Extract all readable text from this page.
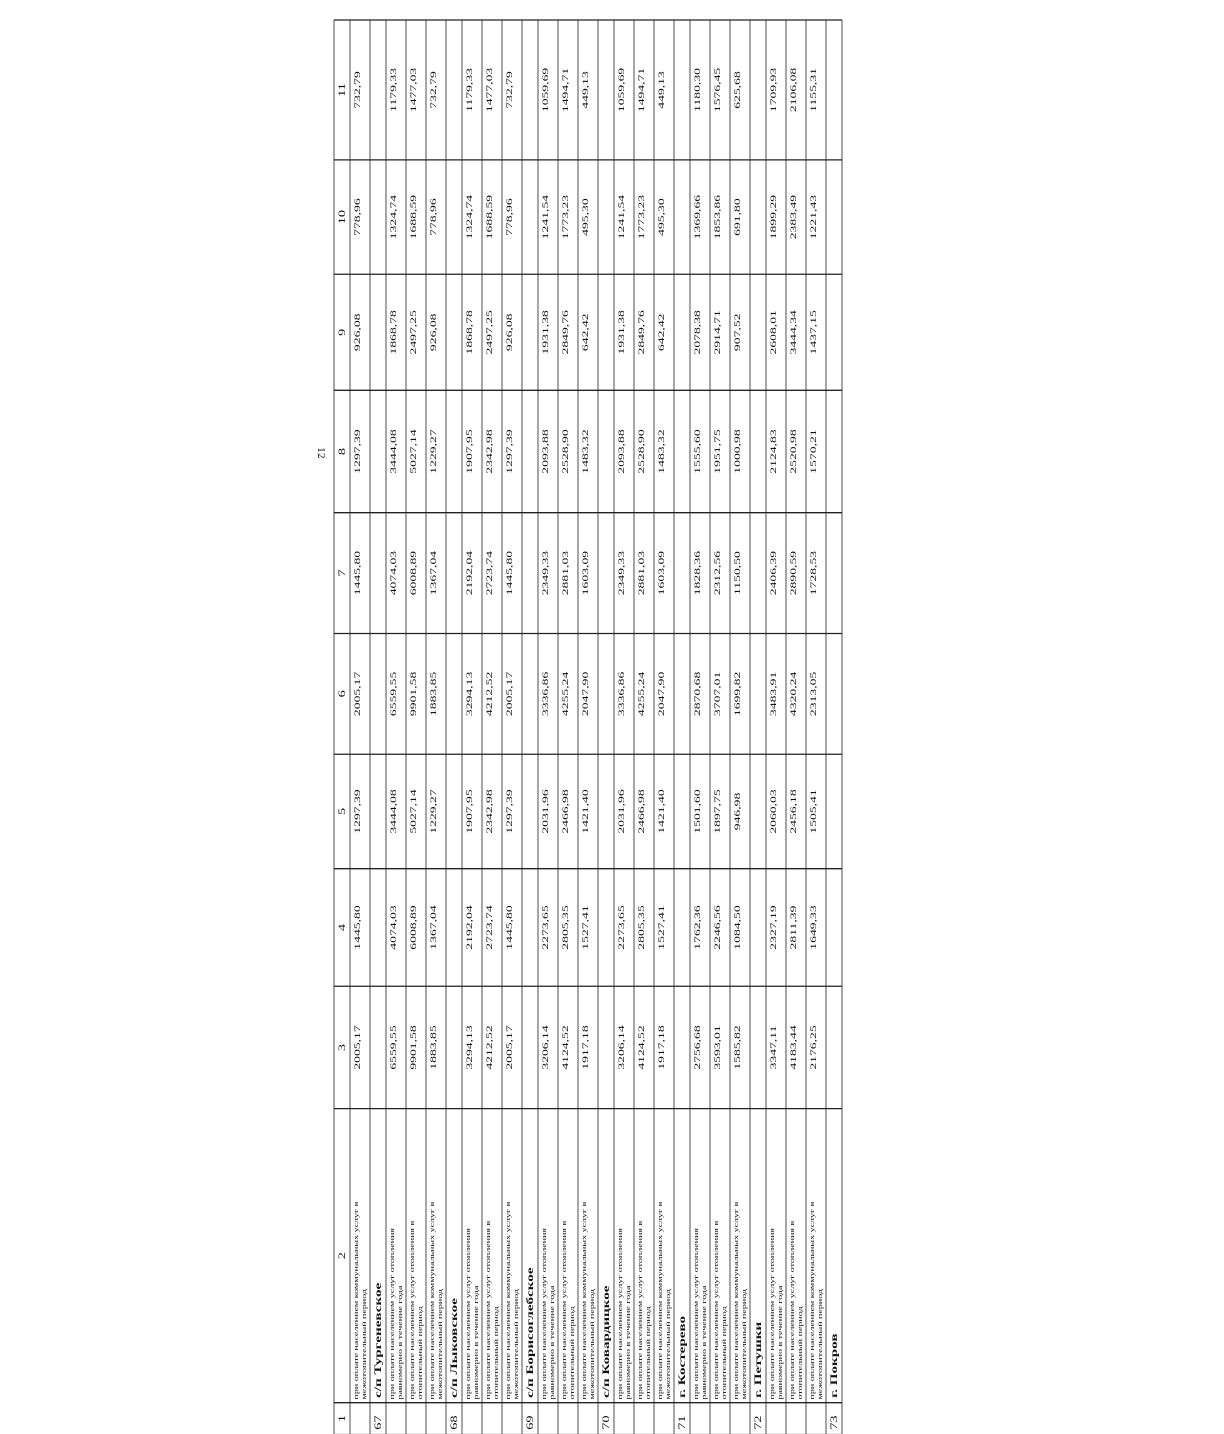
12
1
2
3
4
5
6
7
8
9
10
11
при оплате населением коммунальных услуг в межотопительный период
2005,17
1445,80
1297,39
2005,17
1445,80
1297,39
926,08
778,96
732,79
67
с/п Тургеневское при оплате населением услуг отопления равномерно в течение года
6559,55
4074,03
3444,08
6559,55
4074,03
3444,08
1868,78
1324,74
1179,33
при оплате населением услуг отопления в отопительный период
9901,58
6008,89
5027,14
9901,58
6008,89
5027,14
2497,25
1688,59
1477,03
при оплате населением коммунальных услуг в межотопительный период
1883,85
1367,04
1229,27
1883,85
1367,04
1229,27
926,08
778,96
732,79
68
с/п Лыковское при оплате населением услуг отопления равномерно в течение года
3294,13
2192,04
1907,95
3294,13
2192,04
1907,95
1868,78
1324,74
1179,33
при оплате населением услуг отопления в отопительный период
4212,52
2723,74
2342,98
4212,52
2723,74
2342,98
2497,25
1688,59
1477,03
при оплате населением коммунальных услуг в межотопительный период
2005,17
1445,80
1297,39
2005,17
1445,80
1297,39
926,08
778,96
732,79
69
с/п Борисоглебское при оплате населением услуг отопления равномерно в течение года
3206,14
2273,65
2031,96
3336,86
2349,33
2093,88
1931,38
1241,54
1059,69
при оплате населением услуг отопления в отопительный период
4124,52
2805,35
2466,98
4255,24
2881,03
2528,90
2849,76
1773,23
1494,71
при оплате населением коммунальных услуг в межотопительный период
1917,18
1527,41
1421,40
2047,90
1603,09
1483,32
642,42
495,30
449,13
70
с/п Ковардицкое при оплате населением услуг отопления равномерно в течение года
3206,14
2273,65
2031,96
3336,86
2349,33
2093,88
1931,38
1241,54
1059,69
при оплате населением услуг отопления в отопительный период
4124,52
2805,35
2466,98
4255,24
2881,03
2528,90
2849,76
1773,23
1494,71
при оплате населением коммунальных услуг в межотопительный период
1917,18
1527,41
1421,40
2047,90
1603,09
1483,32
642,42
495,30
449,13
71
г. Костерево при оплате населением услуг отопления равномерно в течение года
2756,68
1762,36
1501,60
2870,68
1828,36
1555,60
2078,38
1369,66
1180,30
при оплате населением услуг отопления в отопительный период
3593,01
2246,56
1897,75
3707,01
2312,56
1951,75
2914,71
1853,86
1576,45
при оплате населением коммунальных услуг в межотопительный период
1585,82
1084,50
946,98
1699,82
1150,50
1000,98
907,52
691,80
625,68
72
г. Петушки при оплате населением услуг отопления равномерно в течение года
3347,11
2327,19
2060,03
3483,91
2406,39
2124,83
2608,01
1899,29
1709,93
при оплате населением услуг отопления в отопительный период
4183,44
2811,39
2456,18
4320,24
2890,59
2520,98
3444,34
2383,49
2106,08
при оплате населением коммунальных услуг в межотопительный период
2176,25
1649,33
1505,41
2313,05
1728,53
1570,21
1437,15
1221,43
1155,31
73
г. Покров
